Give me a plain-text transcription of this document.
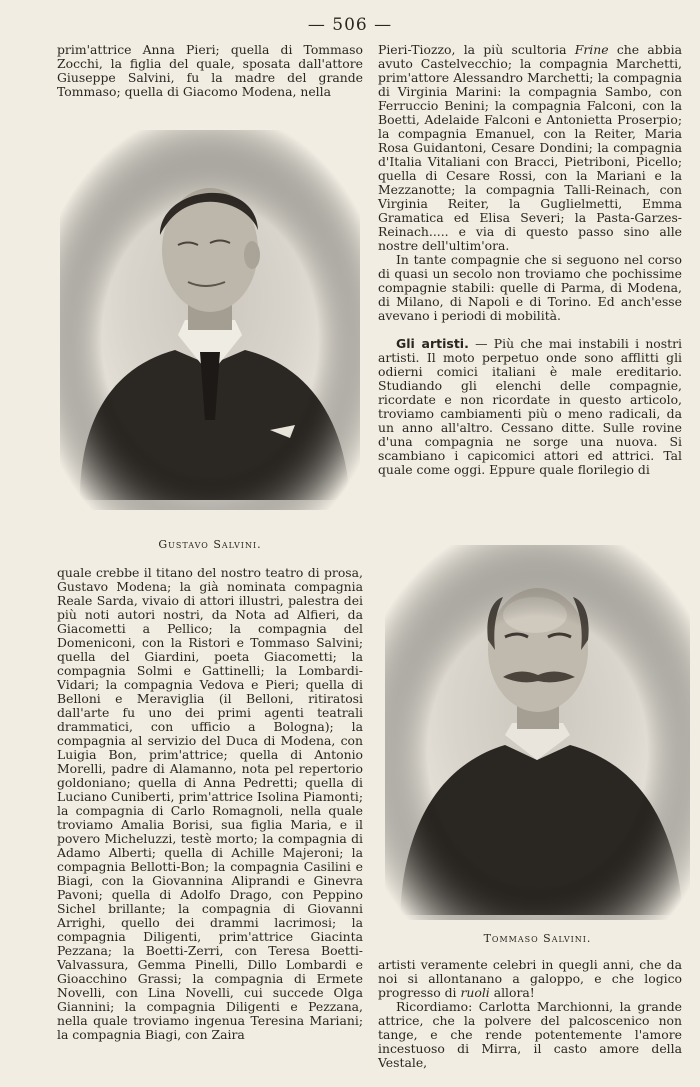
— 506 —

prim'attrice Anna Pieri; quella di Tommaso Zocchi, la figlia del quale, sposata dall'attore Giuseppe Salvini, fu la madre del grande Tommaso; quella di Giacomo Modena, nella

Gustavo Salvini.

quale crebbe il titano del nostro teatro di prosa, Gustavo Modena; la già nominata compagnia Reale Sarda, vivaio di attori illustri, palestra dei più noti autori nostri, da Nota ad Alfieri, da Giacometti a Pellico; la compagnia del Domeniconi, con la Ristori e Tommaso Salvini; quella del Giardini, poeta Giacometti; la compagnia Solmi e Gattinelli; la Lombardi-Vidari; la compagnia Vedova e Pieri; quella di Belloni e Meraviglia (il Belloni, ritiratosi dall'arte fu uno dei primi agenti teatrali drammatici, con ufficio a Bologna); la compagnia al servizio del Duca di Modena, con Luigia Bon, prim'attrice; quella di Antonio Morelli, padre di Alamanno, nota pel repertorio goldoniano; quella di Anna Pedretti; quella di Luciano Cuniberti, prim'attrice Isolina Piamonti; la compagnia di Carlo Romagnoli, nella quale troviamo Amalia Borisi, sua figlia Maria, e il povero Micheluzzi, testè morto; la compagnia di Adamo Alberti; quella di Achille Majeroni; la compagnia Bellotti-Bon; la compagnia Casilini e Biagi, con la Giovannina Aliprandi e Ginevra Pavoni; quella di Adolfo Drago, con Peppino Sichel brillante; la compagnia di Giovanni Arrighi, quello dei drammi lacrimosi; la compagnia Diligenti, prim'attrice Giacinta Pezzana; la Boetti-Zerri, con Teresa Boetti-Valvassura, Gemma Pinelli, Dillo Lombardi e Gioacchino Grassi; la compagnia di Ermete Novelli, con Lina Novelli, cui succede Olga Giannini; la compagnia Diligenti e Pezzana, nella quale troviamo ingenua Teresina Mariani; la compagnia Biagi, con Zaira

Pieri-Tiozzo, la più scultoria Frine che abbia avuto Castelvecchio; la compagnia Marchetti, prim'attore Alessandro Marchetti; la compagnia di Virginia Marini: la compagnia Sambo, con Ferruccio Benini; la compagnia Falconi, con la Boetti, Adelaide Falconi e Antonietta Proserpio; la compagnia Emanuel, con la Reiter, Maria Rosa Guidantoni, Cesare Dondini; la compagnia d'Italia Vitaliani con Bracci, Pietriboni, Picello; quella di Cesare Rossi, con la Mariani e la Mezzanotte; la compagnia Talli-Reinach, con Virginia Reiter, la Guglielmetti, Emma Gramatica ed Elisa Severi; la Pasta-Garzes-Reinach..... e via di questo passo sino alle nostre dell'ultim'ora.

In tante compagnie che si seguono nel corso di quasi un secolo non troviamo che pochissime compagnie stabili: quelle di Parma, di Modena, di Milano, di Napoli e di Torino. Ed anch'esse avevano i periodi di mobilità.

Gli artisti. — Più che mai instabili i nostri artisti. Il moto perpetuo onde sono afflitti gli odierni comici italiani è male ereditario. Studiando gli elenchi delle compagnie, ricordate e non ricordate in questo articolo, troviamo cambiamenti più o meno radicali, da un anno all'altro. Cessano ditte. Sulle rovine d'una compagnia ne sorge una nuova. Si scambiano i capicomici attori ed attrici. Tal quale come oggi. Eppure quale florilegio di

Tommaso Salvini.

artisti veramente celebri in quegli anni, che da noi si allontanano a galoppo, e che logico progresso di ruoli allora!

Ricordiamo: Carlotta Marchionni, la grande attrice, che la polvere del palcoscenico non tange, e che rende potentemente l'amore incestuoso di Mirra, il casto amore della Vestale,
